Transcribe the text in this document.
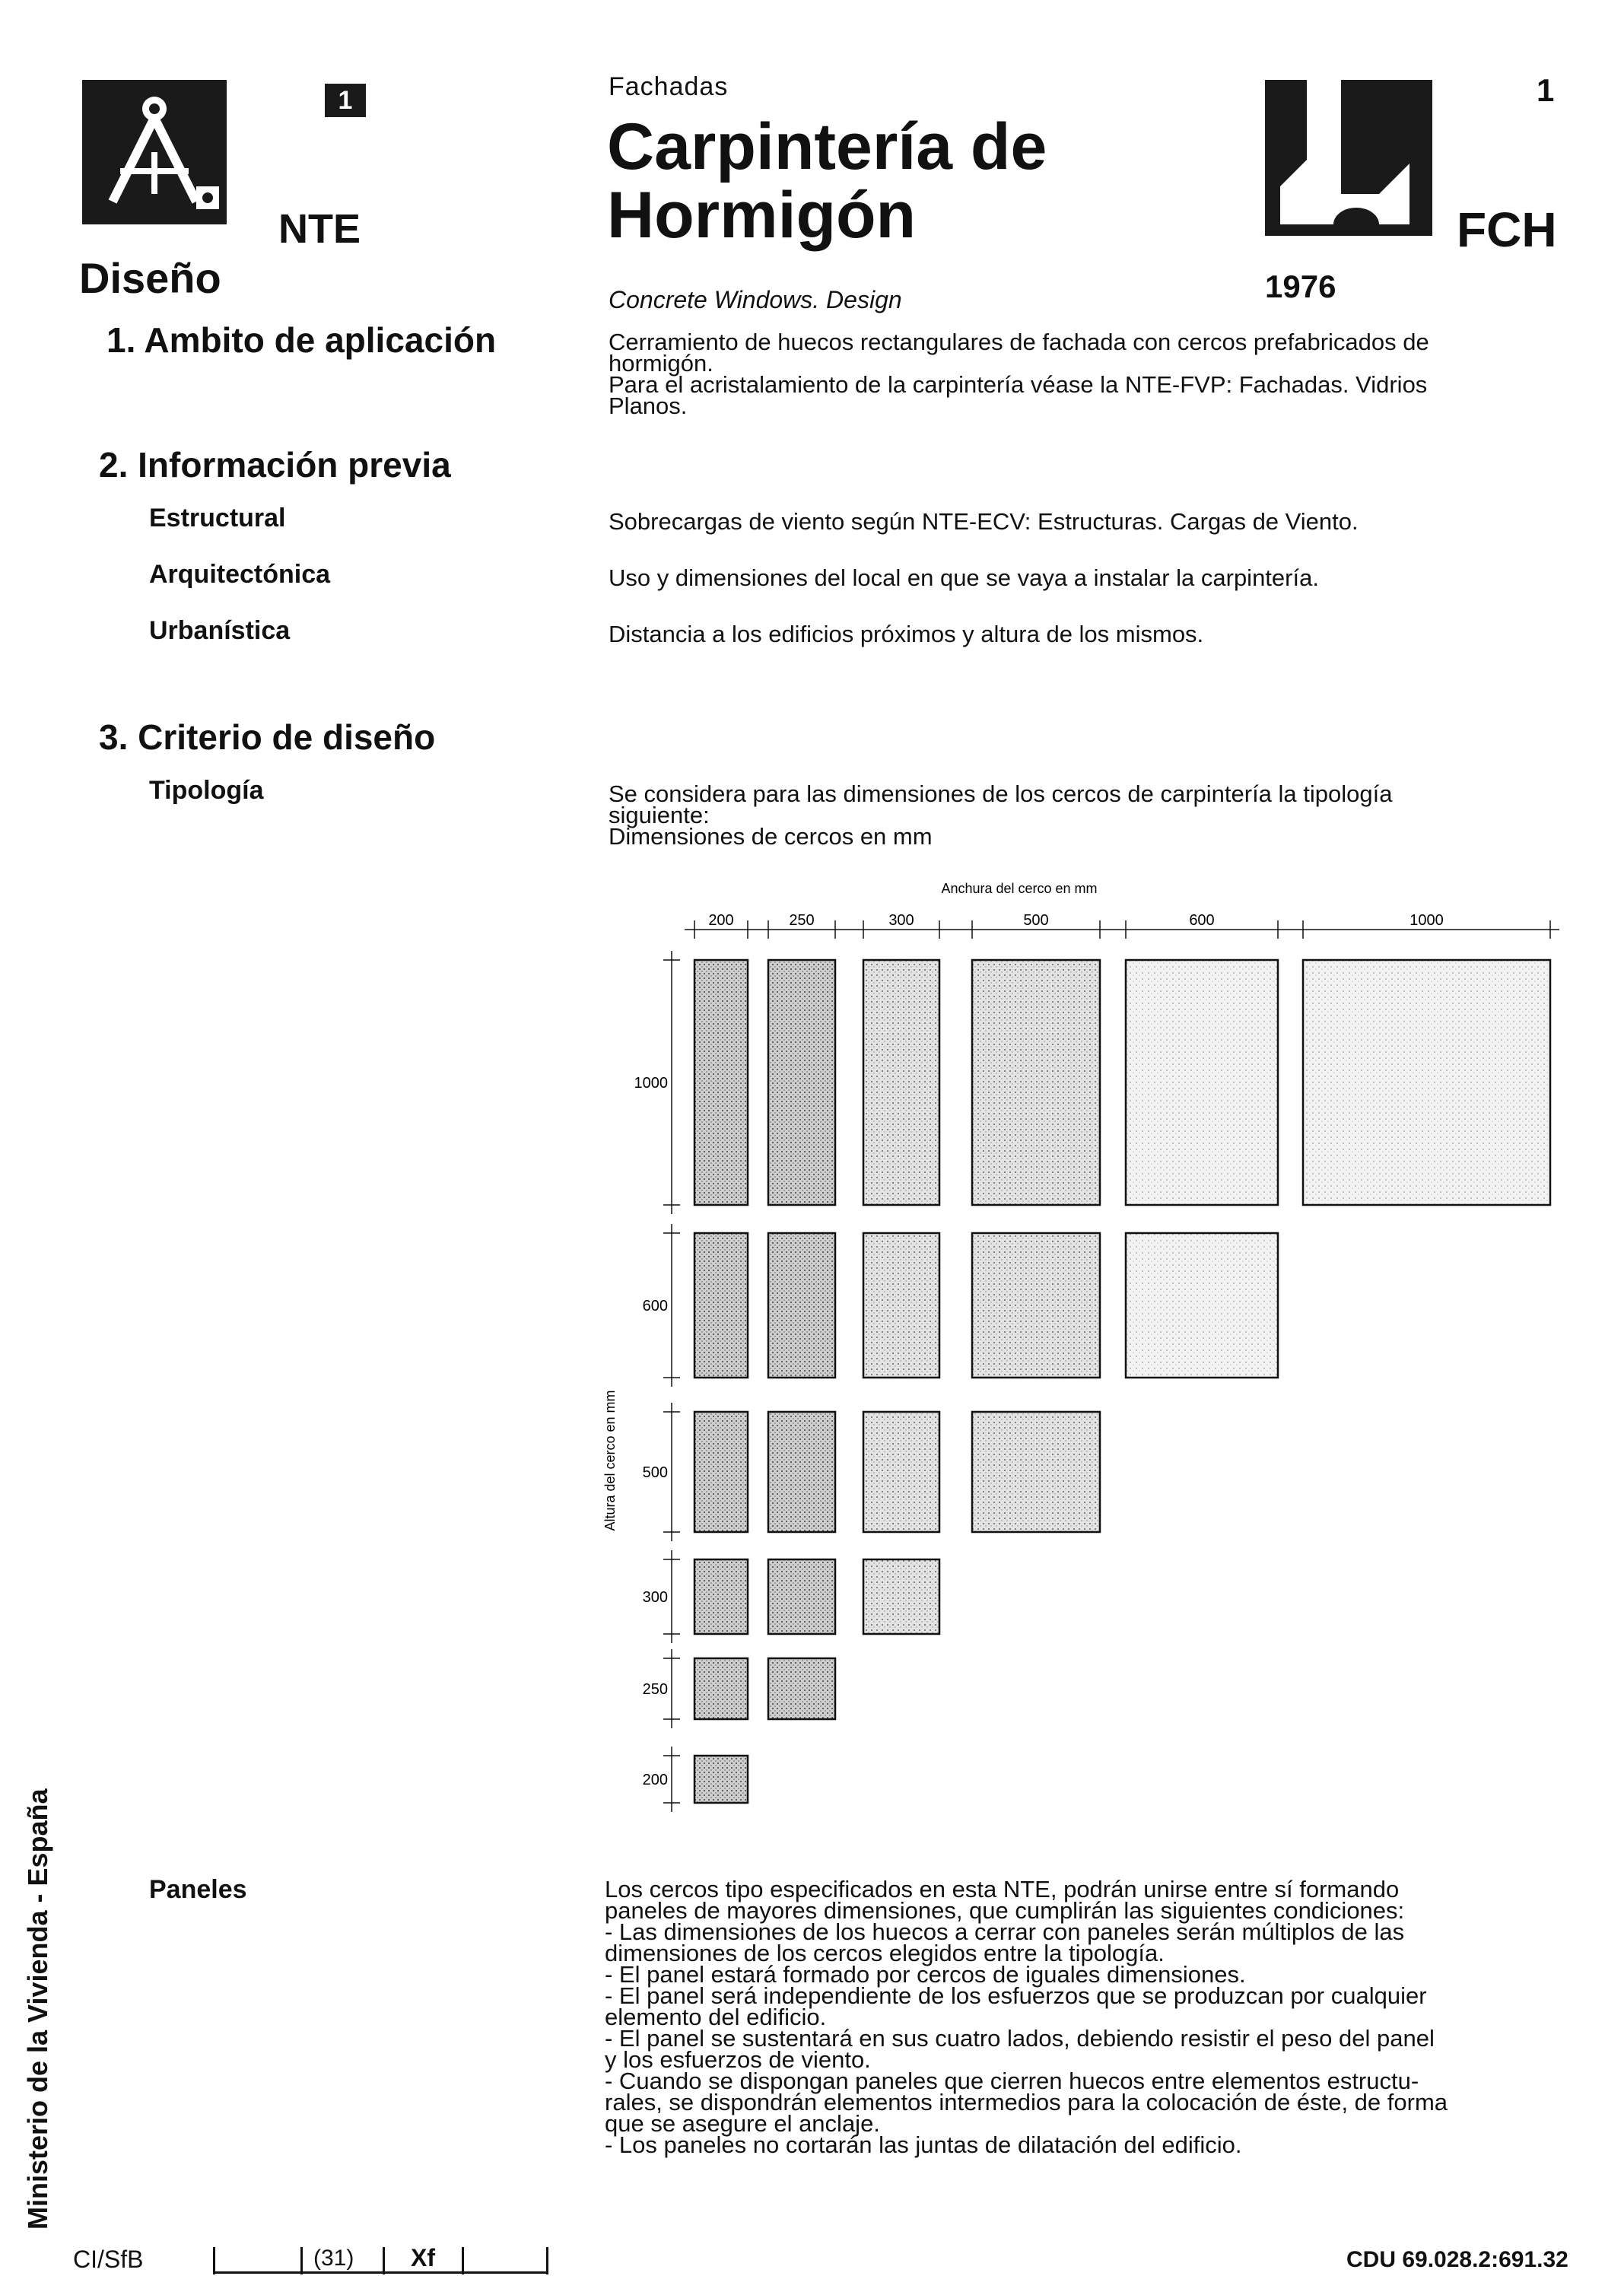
1
NTE
Diseño
Fachadas
Carpintería de
Hormigón
Concrete Windows. Design
1
FCH
1976
1. Ambito de aplicación	Cerramiento de huecos rectangulares de fachada con cercos prefabricados de
hormigón.
Para el acristalamiento de la carpintería véase la NTE-FVP: Fachadas. Vidrios
Planos.
2. Información previa
Estructural	Sobrecargas de viento según NTE-ECV: Estructuras. Cargas de Viento.
Arquitectónica	Uso y dimensiones del local en que se vaya a instalar la carpintería.
Urbanística	Distancia a los edificios próximos y altura de los mismos.
3. Criterio de diseño
Tipología	Se considera para las dimensiones de los cercos de carpintería la tipología
siguiente:
Dimensiones de cercos en mm
Anchura del cerco en mm
200	250	300	500	600	1000
Altura del cerco en mm
1000
600
500
300
250
200
Paneles	Los cercos tipo especificados en esta NTE, podrán unirse entre sí formando
paneles de mayores dimensiones, que cumplirán las siguientes condiciones:
- Las dimensiones de los huecos a cerrar con paneles serán múltiplos de las
dimensiones de los cercos elegidos entre la tipología.
- El panel estará formado por cercos de iguales dimensiones.
- El panel será independiente de los esfuerzos que se produzcan por cualquier
elemento del edificio.
- El panel se sustentará en sus cuatro lados, debiendo resistir el peso del panel
y los esfuerzos de viento.
- Cuando se dispongan paneles que cierren huecos entre elementos estructu-
rales, se dispondrán elementos intermedios para la colocación de éste, de forma
que se asegure el anclaje.
- Los paneles no cortarán las juntas de dilatación del edificio.
Ministerio de la Vivienda - España
CI/SfB	(31) Xf	CDU 69.028.2:691.32
